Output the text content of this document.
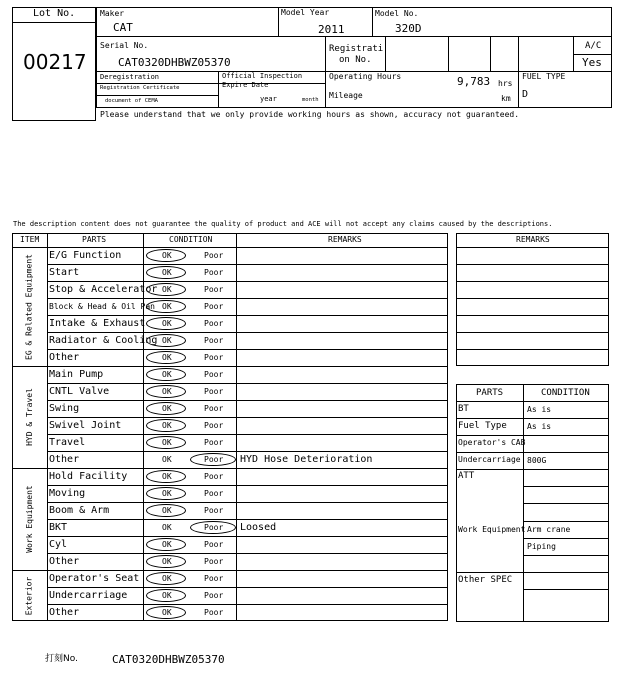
Lot No.
00217
Maker
CAT
Model Year
2011
Model No.
320D
Serial No.
CAT0320DHBWZ05370
Registrati
on No.
A/C
Yes
Deregistration
Registration Certificate
document of CEMA
Official Inspection
Expire Date
year	month
Operating Hours	9,783 hrs
Mileage	km
FUEL TYPE
D
Please understand that we only provide working hours as shown, accuracy not guaranteed.
The description content does not guarantee the quality of product and ACE will not accept any claims caused by the descriptions.
ITEM	PARTS	CONDITION	REMARKS
EG & Related Equipment E/G Function	OK	Poor
Start	OK	Poor
Stop & Accelerator OK	Poor
Block & Head & Oil Pan OK	Poor
Intake & Exhaust OK	Poor
Radiator & Cooling OK	Poor
Other	OK	Poor
HYD & Travel
Main Pump	OK	Poor
CNTL Valve	OK	Poor
Swing	OK	Poor
Swivel Joint	OK	Poor
Travel	OK	Poor
Other	OK	Poor HYD Hose Deterioration
Work Equipment
Hold Facility	OK	Poor
Moving	OK	Poor
Boom & Arm	OK	Poor
BKT	OK	Poor Loosed
Cyl	OK	Poor
Other	OK	Poor
Exterior Operator's Seat	OK	Poor
Undercarriage	OK	Poor
Other	OK	Poor
REMARKS
PARTS	CONDITION
BT	As is
Fuel Type	As is
Operator's CAB
Undercarriage 800G
ATT
Work Equipment Arm crane
Piping
Other SPEC
打刻No.	CAT0320DHBWZ05370
